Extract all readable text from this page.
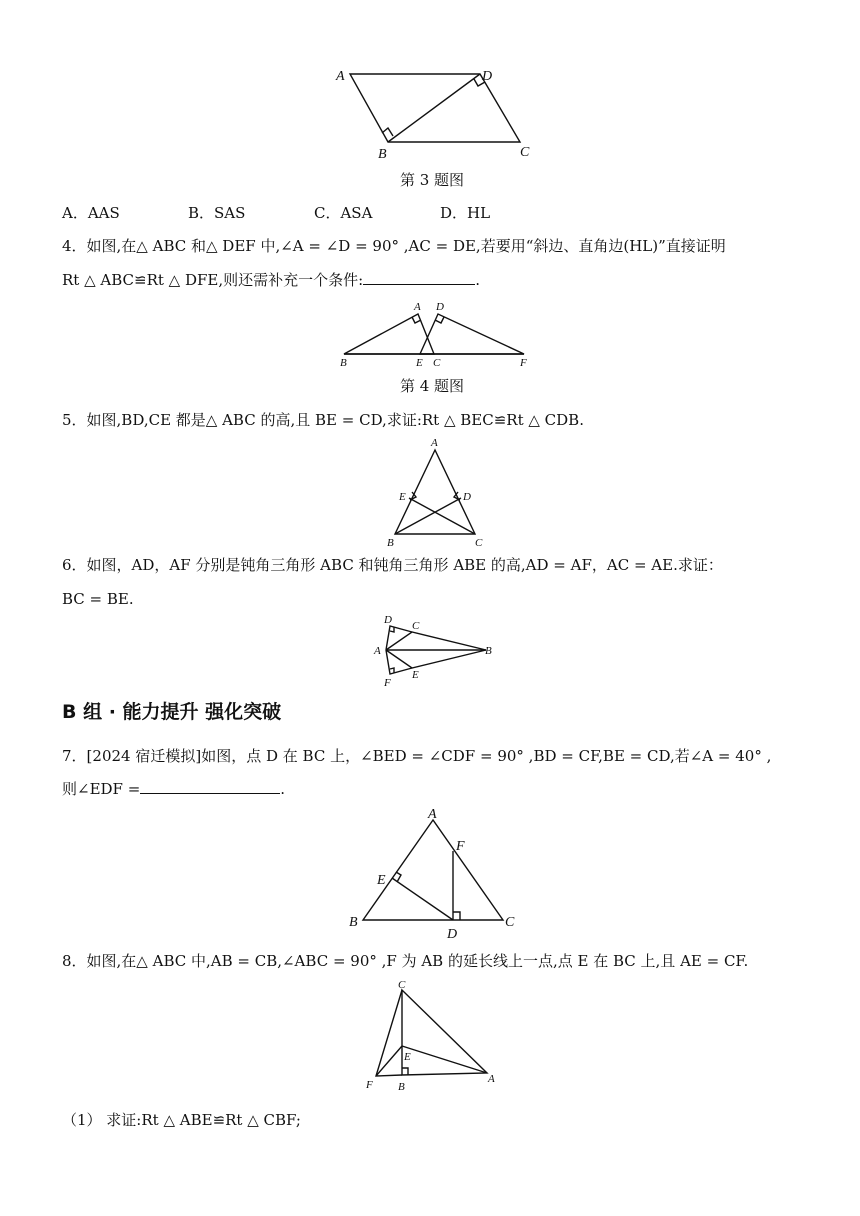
A	D
B	C
第 3 题图
A．AAS	B．SAS	C．ASA	D．HL
4．如图,在△ ABC 和△ DEF 中,∠A = ∠D = 90° ,AC = DE,若要用“斜边、直角边(HL)”直接证明
Rt △ ABC≌Rt △ DFE,则还需补充一个条件:	.
A D
B	E C	F
第 4 题图
5．如图,BD,CE 都是△ ABC 的高,且 BE = CD,求证:Rt △ BEC≌Rt △ CDB.
A
E	D
B	C
6．如图，AD，AF 分别是钝角三角形 ABC 和钝角三角形 ABE 的高,AD = AF，AC = AE.求证：
BC = BE.
D C
A	B
F
E
B 组 · 能力提升 强化突破
7．[2024 宿迁模拟]如图，点 D 在 BC 上，∠BED = ∠CDF = 90° ,BD = CF,BE = CD,若∠A = 40° ,
则∠EDF =	.
A
F
E
B
D
C
8．如图,在△ ABC 中,AB = CB,∠ABC = 90° ,F 为 AB 的延长线上一点,点 E 在 BC 上,且 AE = CF.
C
E
F B
A
（1） 求证:Rt △ ABE≌Rt △ CBF;
